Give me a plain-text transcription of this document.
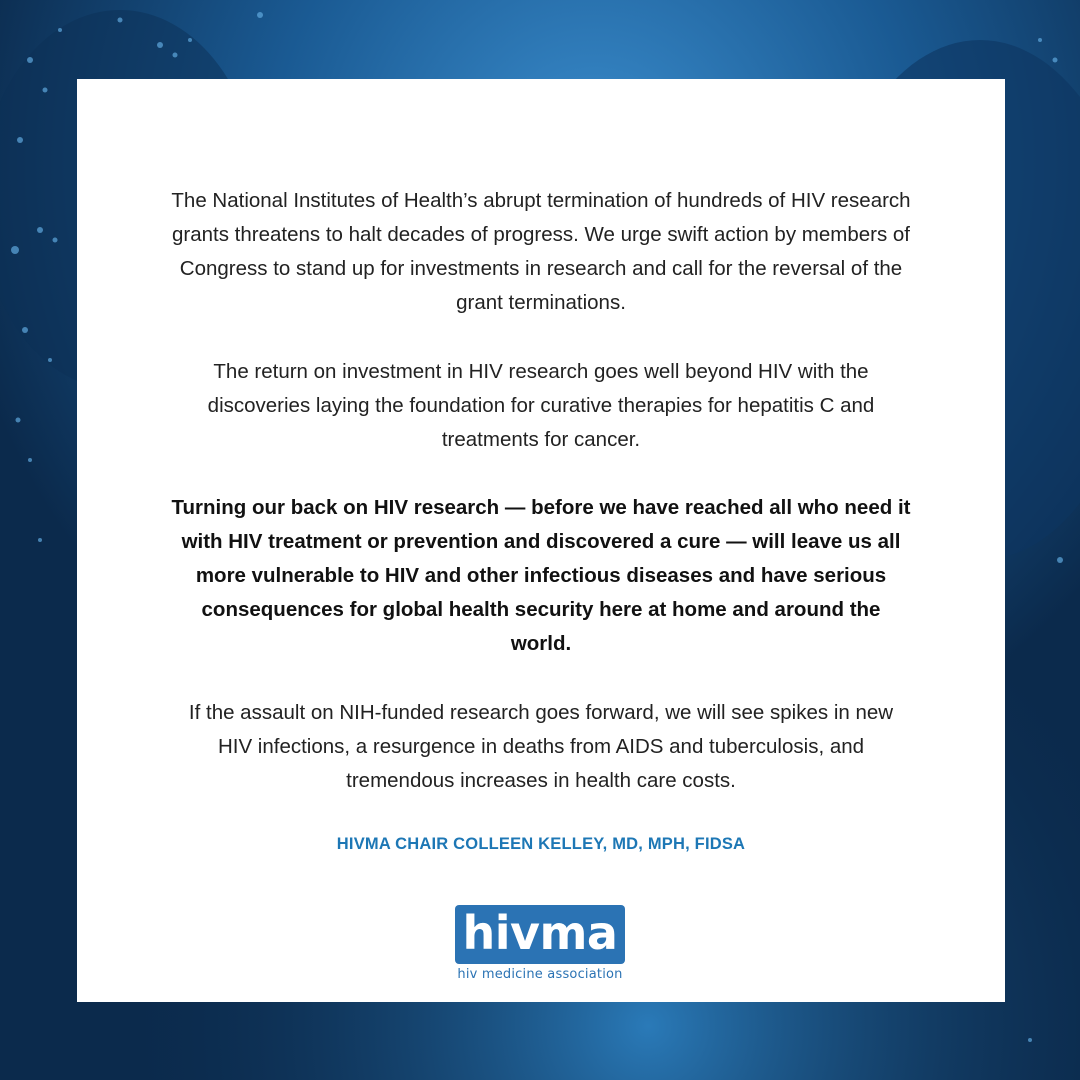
The National Institutes of Health’s abrupt termination of hundreds of HIV research grants threatens to halt decades of progress. We urge swift action by members of Congress to stand up for investments in research and call for the reversal of the grant terminations.

The return on investment in HIV research goes well beyond HIV with the discoveries laying the foundation for curative therapies for hepatitis C and treatments for cancer.

Turning our back on HIV research — before we have reached all who need it with HIV treatment or prevention and discovered a cure — will leave us all more vulnerable to HIV and other infectious diseases and have serious consequences for global health security here at home and around the world.

If the assault on NIH-funded research goes forward, we will see spikes in new HIV infections, a resurgence in deaths from AIDS and tuberculosis, and tremendous increases in health care costs.

HIVMA CHAIR COLLEEN KELLEY, MD, MPH, FIDSA

hivma
hiv medicine association
